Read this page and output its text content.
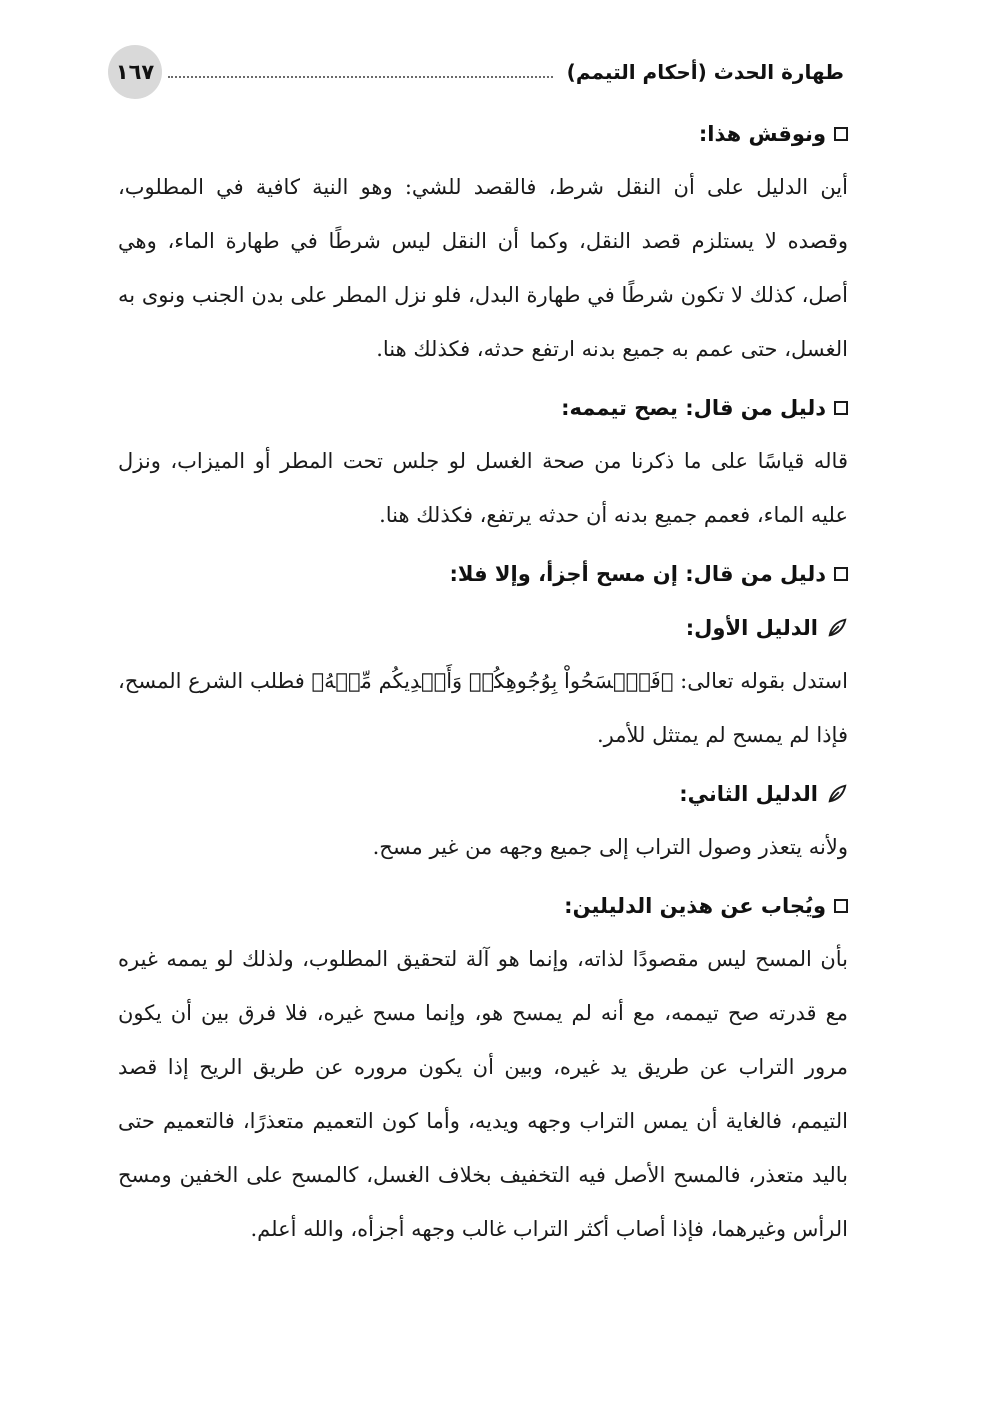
طهارة الحدث (أحكام التيمم)
١٦٧
ونوقش هذا:

أين الدليل على أن النقل شرط، فالقصد للشي: وهو النية كافية في المطلوب، وقصده لا يستلزم قصد النقل، وكما أن النقل ليس شرطًا في طهارة الماء، وهي أصل، كذلك لا تكون شرطًا في طهارة البدل، فلو نزل المطر على بدن الجنب ونوى به الغسل، حتى عمم به جميع بدنه ارتفع حدثه، فكذلك هنا.

دليل من قال: يصح تيممه:

قاله قياسًا على ما ذكرنا من صحة الغسل لو جلس تحت المطر أو الميزاب، ونزل عليه الماء، فعمم جميع بدنه أن حدثه يرتفع، فكذلك هنا.

دليل من قال: إن مسح أجزأ، وإلا فلا:
الدليل الأول:

استدل بقوله تعالى: ﴿فَٱمۡسَحُواْ بِوُجُوهِكُمۡ وَأَيۡدِيكُم مِّنۡهُ﴾ فطلب الشرع المسح، فإذا لم يمسح لم يمتثل للأمر.

الدليل الثاني:

ولأنه يتعذر وصول التراب إلى جميع وجهه من غير مسح.

ويُجاب عن هذين الدليلين:

بأن المسح ليس مقصودًا لذاته، وإنما هو آلة لتحقيق المطلوب، ولذلك لو يممه غيره مع قدرته صح تيممه، مع أنه لم يمسح هو، وإنما مسح غيره، فلا فرق بين أن يكون مرور التراب عن طريق يد غيره، وبين أن يكون مروره عن طريق الريح إذا قصد التيمم، فالغاية أن يمس التراب وجهه ويديه، وأما كون التعميم متعذرًا، فالتعميم حتى باليد متعذر، فالمسح الأصل فيه التخفيف بخلاف الغسل، كالمسح على الخفين ومسح الرأس وغيرهما، فإذا أصاب أكثر التراب غالب وجهه أجزأه، والله أعلم.
